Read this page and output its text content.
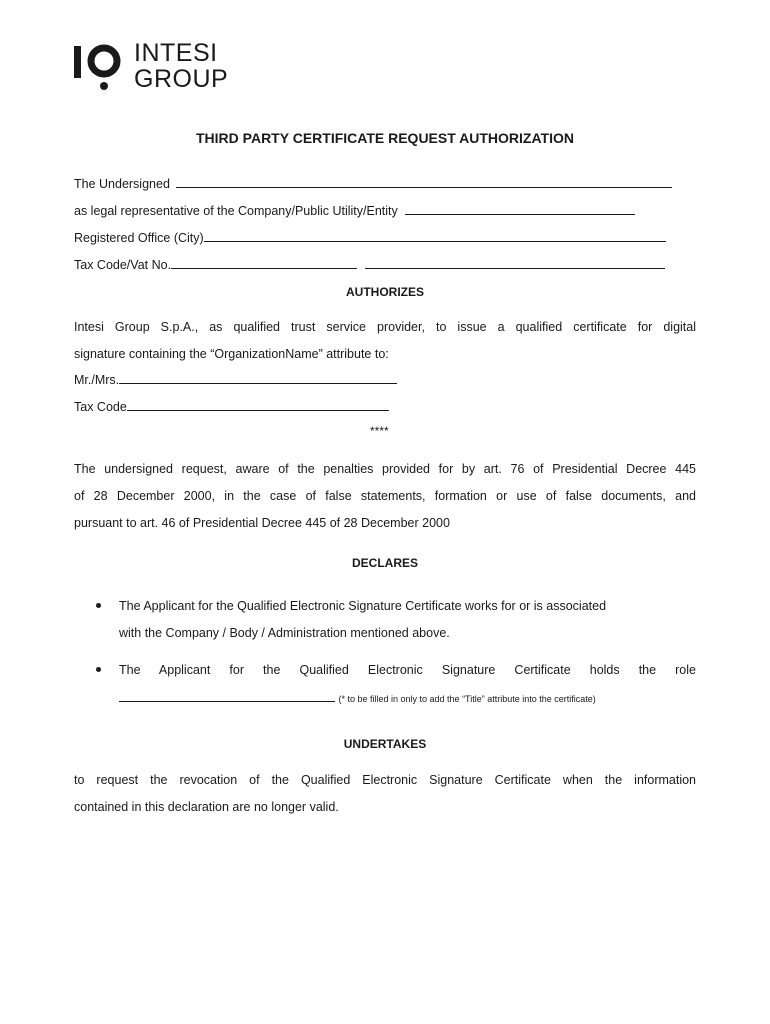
INTESI
GROUP
THIRD PARTY CERTIFICATE REQUEST AUTHORIZATION
The Undersigned
as legal representative of the Company/Public Utility/Entity
Registered Office (City)
Tax Code/Vat No.
AUTHORIZES
Intesi Group S.p.A., as qualified trust service provider, to issue a qualified certificate for digital
signature containing the “OrganizationName” attribute to:
Mr./Mrs.
Tax Code
****
The undersigned request, aware of the penalties provided for by art. 76 of Presidential Decree 445
of 28 December 2000, in the case of false statements, formation or use of false documents, and
pursuant to art. 46 of Presidential Decree 445 of 28 December 2000
DECLARES
The Applicant for the Qualified Electronic Signature Certificate works for or is associated
with the Company / Body / Administration mentioned above.
The Applicant for the Qualified Electronic Signature Certificate holds the role
(* to be filled in only to add the “Title” attribute into the certificate)
UNDERTAKES
to request the revocation of the Qualified Electronic Signature Certificate when the information
contained in this declaration are no longer valid.
